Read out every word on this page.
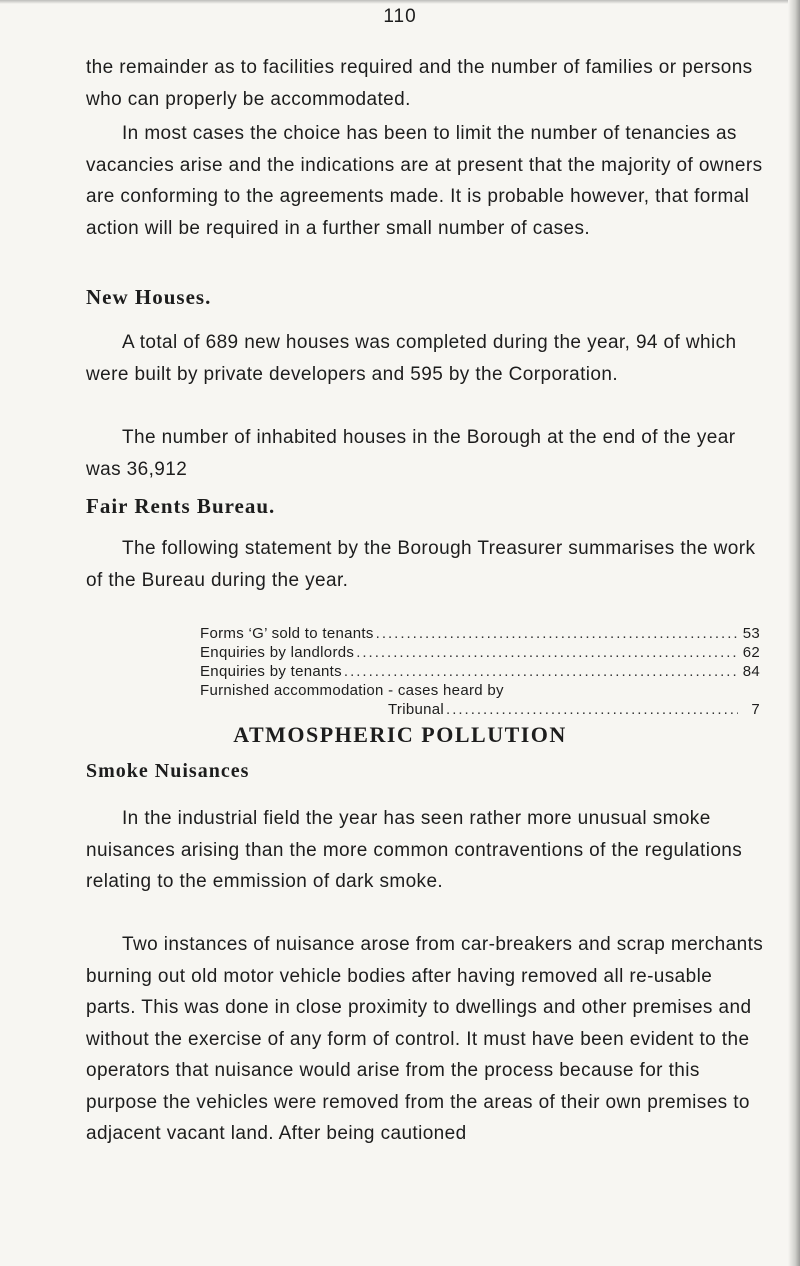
110

the remainder as to facilities required and the number of families or persons who can properly be accommodated.

In most cases the choice has been to limit the number of tenancies as vacancies arise and the indications are at present that the majority of owners are conforming to the agreements made. It is probable however, that formal action will be required in a further small number of cases.

New Houses.

A total of 689 new houses was completed during the year, 94 of which were built by private developers and 595 by the Corporation.

The number of inhabited houses in the Borough at the end of the year was 36,912

Fair Rents Bureau.

The following statement by the Borough Treasurer summarises the work of the Bureau during the year.

Forms ‘G’ sold to tenants .....	53
Enquiries by landlords .....	62
Enquiries by tenants .....	84
Furnished accommodation - cases heard by
Tribunal .....	7
ATMOSPHERIC POLLUTION
Smoke Nuisances

In the industrial field the year has seen rather more unusual smoke nuisances arising than the more common contraventions of the regulations relating to the emmission of dark smoke.

Two instances of nuisance arose from car-breakers and scrap merchants burning out old motor vehicle bodies after having removed all re-usable parts. This was done in close proximity to dwellings and other premises and without the exercise of any form of control. It must have been evident to the operators that nuisance would arise from the process because for this purpose the vehicles were removed from the areas of their own premises to adjacent vacant land. After being cautioned
